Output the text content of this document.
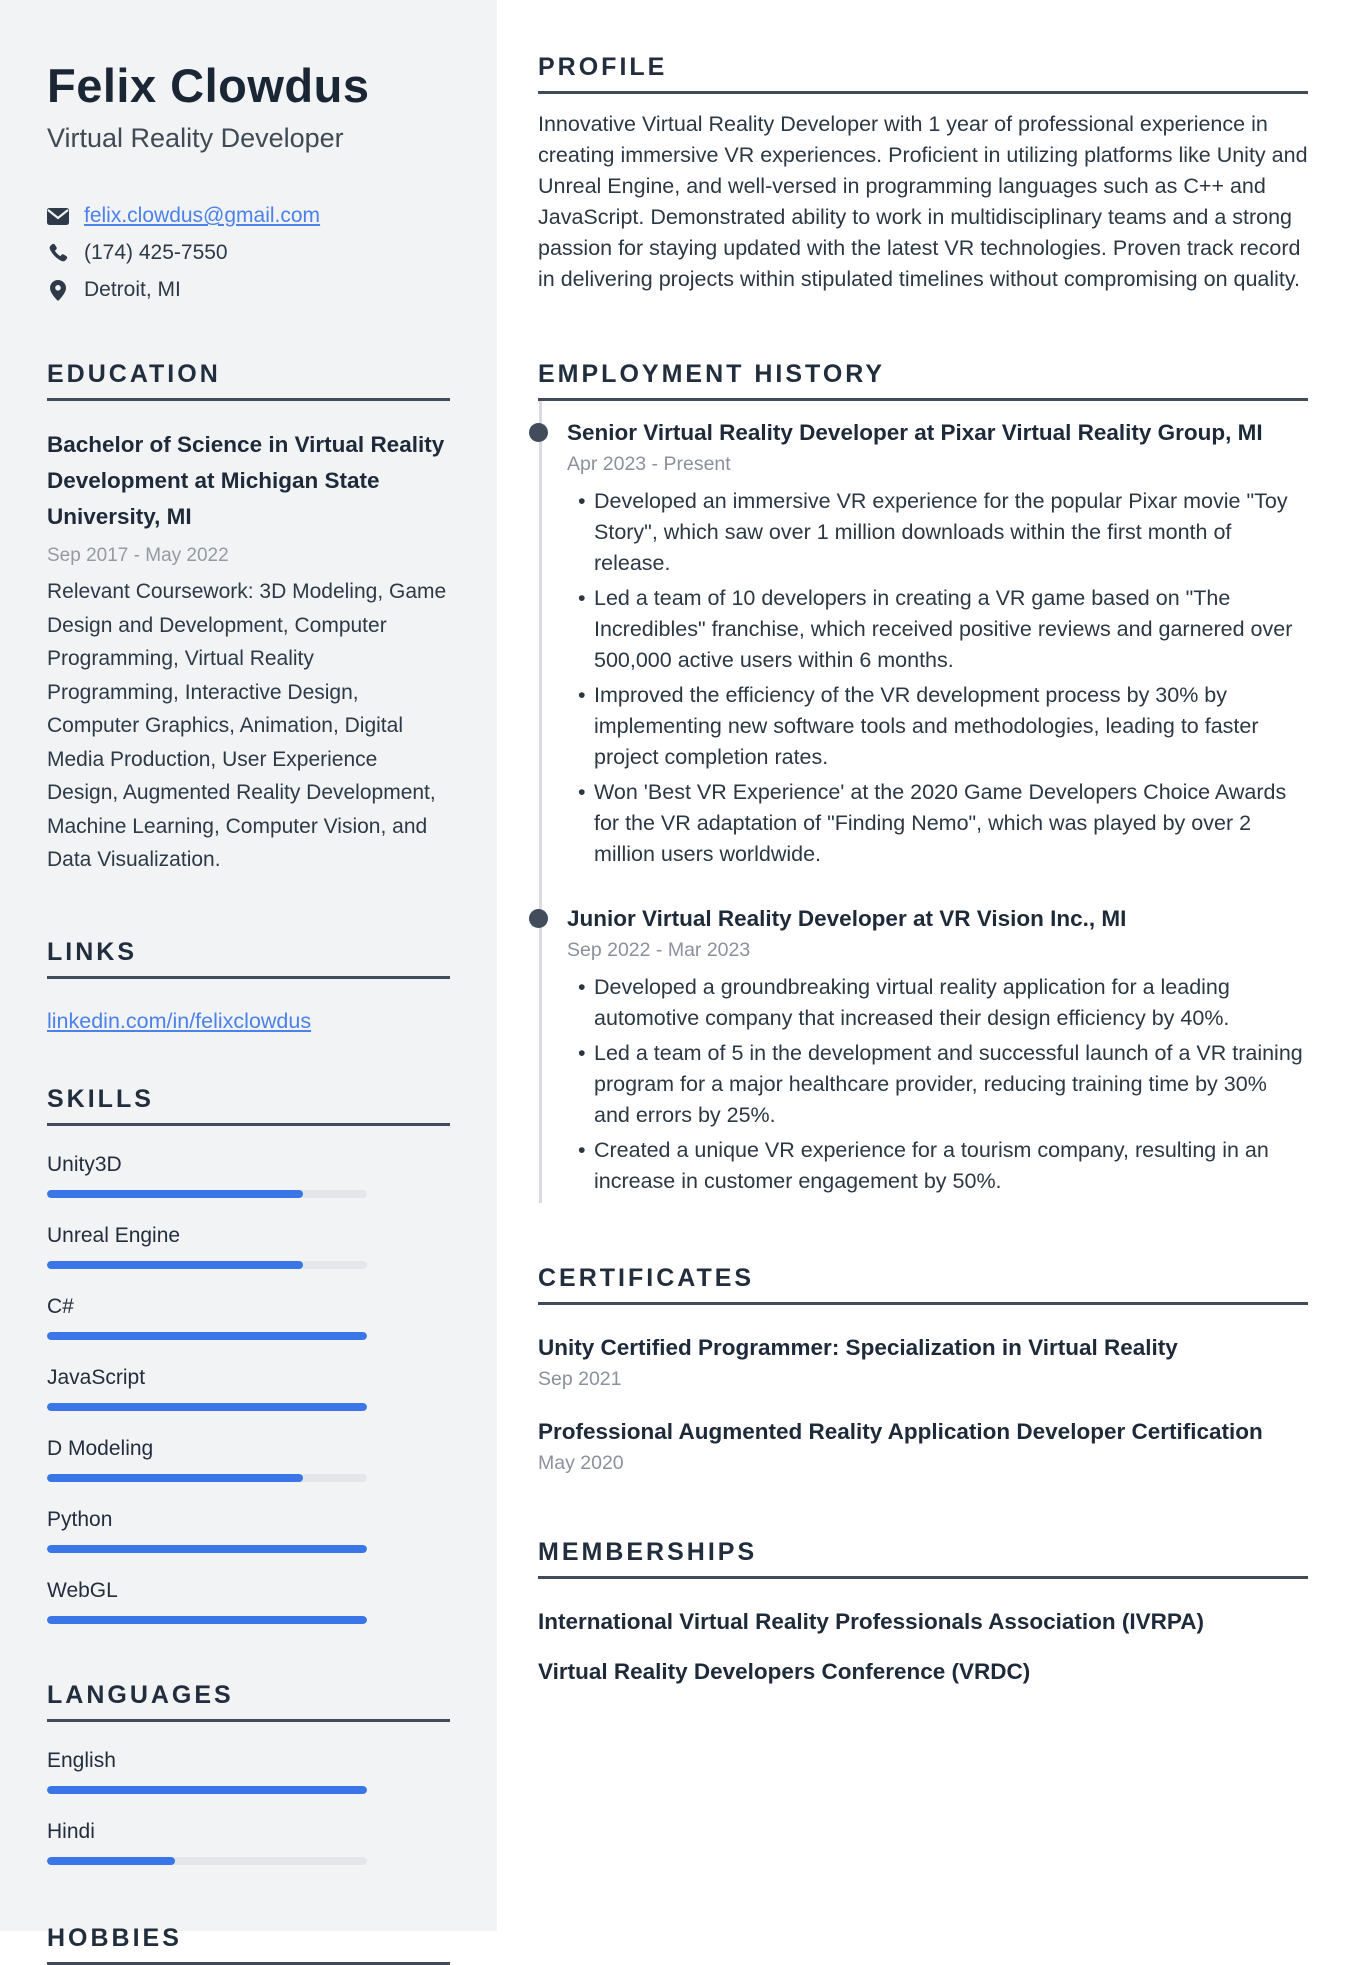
Felix Clowdus
Virtual Reality Developer
felix.clowdus@gmail.com
(174) 425-7550
Detroit, MI
EDUCATION
Bachelor of Science in Virtual Reality Development at Michigan State University, MI
Sep 2017 - May 2022
Relevant Coursework: 3D Modeling, Game Design and Development, Computer Programming, Virtual Reality Programming, Interactive Design, Computer Graphics, Animation, Digital Media Production, User Experience Design, Augmented Reality Development, Machine Learning, Computer Vision, and Data Visualization.
LINKS
linkedin.com/in/felixclowdus
SKILLS
Unity3D
Unreal Engine
C#
JavaScript
D Modeling
Python
WebGL
LANGUAGES
English
Hindi
HOBBIES
PROFILE

Innovative Virtual Reality Developer with 1 year of professional experience in creating immersive VR experiences. Proficient in utilizing platforms like Unity and Unreal Engine, and well-versed in programming languages such as C++ and JavaScript. Demonstrated ability to work in multidisciplinary teams and a strong passion for staying updated with the latest VR technologies. Proven track record in delivering projects within stipulated timelines without compromising on quality.

EMPLOYMENT HISTORY
Senior Virtual Reality Developer at Pixar Virtual Reality Group, MI
Apr 2023 - Present
• Developed an immersive VR experience for the popular Pixar movie "Toy Story", which saw over 1 million downloads within the first month of release.
• Led a team of 10 developers in creating a VR game based on "The Incredibles" franchise, which received positive reviews and garnered over 500,000 active users within 6 months.
• Improved the efficiency of the VR development process by 30% by implementing new software tools and methodologies, leading to faster project completion rates.
• Won 'Best VR Experience' at the 2020 Game Developers Choice Awards for the VR adaptation of "Finding Nemo", which was played by over 2 million users worldwide.
Junior Virtual Reality Developer at VR Vision Inc., MI
Sep 2022 - Mar 2023
• Developed a groundbreaking virtual reality application for a leading automotive company that increased their design efficiency by 40%.
• Led a team of 5 in the development and successful launch of a VR training program for a major healthcare provider, reducing training time by 30% and errors by 25%.
• Created a unique VR experience for a tourism company, resulting in an increase in customer engagement by 50%.
CERTIFICATES
Unity Certified Programmer: Specialization in Virtual Reality
Sep 2021
Professional Augmented Reality Application Developer Certification
May 2020
MEMBERSHIPS
International Virtual Reality Professionals Association (IVRPA)
Virtual Reality Developers Conference (VRDC)
